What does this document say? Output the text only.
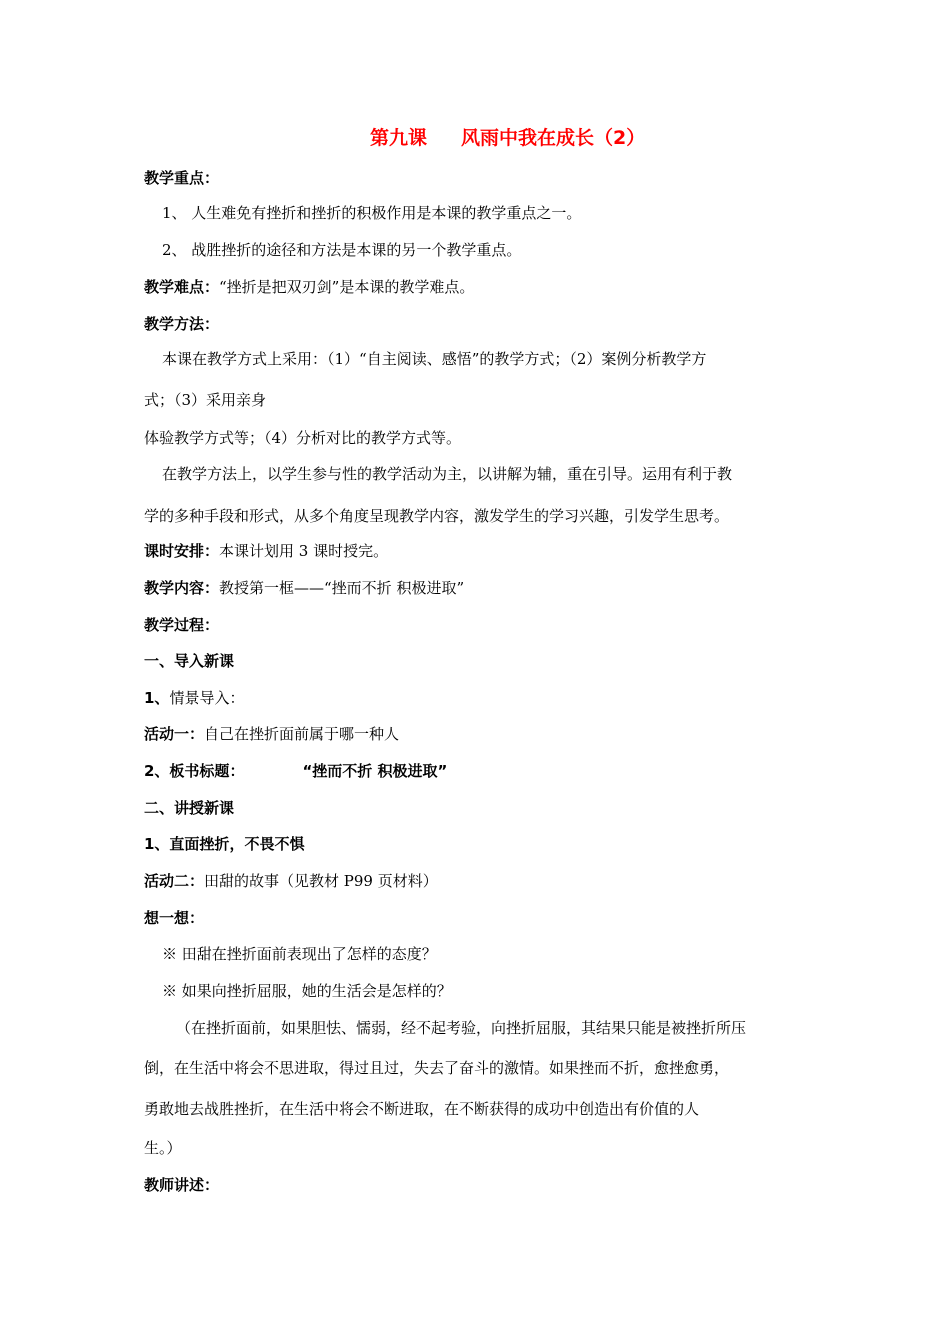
第九课 风雨中我在成长（2）
教学重点：
1、 人生难免有挫折和挫折的积极作用是本课的教学重点之一。
2、 战胜挫折的途径和方法是本课的另一个教学重点。
教学难点：“挫折是把双刃剑”是本课的教学难点。
教学方法：
本课在教学方式上采用：（1）“自主阅读、感悟”的教学方式；（2）案例分析教学方
式；（3）采用亲身
体验教学方式等；（4）分析对比的教学方式等。
在教学方法上，以学生参与性的教学活动为主，以讲解为辅，重在引导。运用有利于教
学的多种手段和形式，从多个角度呈现教学内容，激发学生的学习兴趣，引发学生思考。
课时安排：本课计划用 3 课时授完。
教学内容：教授第一框——“挫而不折 积极进取”
教学过程：
一、导入新课
1、情景导入：
活动一：自己在挫折面前属于哪一种人
2、板书标题：	“挫而不折 积极进取”
二、讲授新课
1、直面挫折，不畏不惧
活动二：田甜的故事（见教材 P99 页材料）
想一想：
※ 田甜在挫折面前表现出了怎样的态度？
※ 如果向挫折屈服，她的生活会是怎样的？
（在挫折面前，如果胆怯、懦弱，经不起考验，向挫折屈服，其结果只能是被挫折所压
倒，在生活中将会不思进取，得过且过，失去了奋斗的激情。如果挫而不折，愈挫愈勇，
勇敢地去战胜挫折，在生活中将会不断进取，在不断获得的成功中创造出有价值的人
生。）
教师讲述：
